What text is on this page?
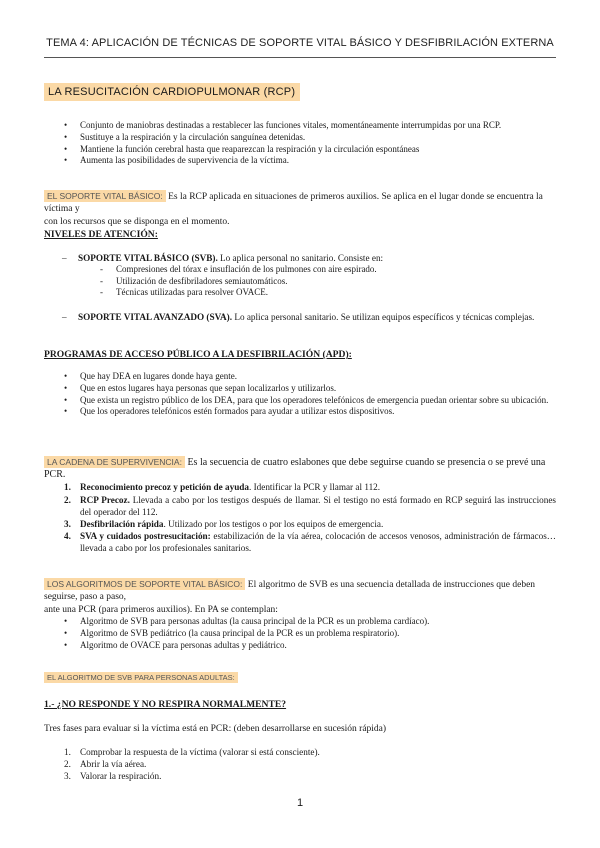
TEMA 4: APLICACIÓN DE TÉCNICAS DE SOPORTE VITAL BÁSICO Y DESFIBRILACIÓN EXTERNA
LA RESUCITACIÓN CARDIOPULMONAR (RCP)
• Conjunto de maniobras destinadas a restablecer las funciones vitales, momentáneamente interrumpidas por una RCP.
• Sustituye a la respiración y la circulación sanguínea detenidas.
• Mantiene la función cerebral hasta que reaparezcan la respiración y la circulación espontáneas
• Aumenta las posibilidades de supervivencia de la víctima.
EL SOPORTE VITAL BÁSICO: Es la RCP aplicada en situaciones de primeros auxilios. Se aplica en el lugar donde se encuentra la víctima y
con los recursos que se disponga en el momento.
NIVELES DE ATENCIÓN:
– SOPORTE VITAL BÁSICO (SVB). Lo aplica personal no sanitario. Consiste en:
- Compresiones del tórax e insuflación de los pulmones con aire espirado.
- Utilización de desfibriladores semiautomáticos.
- Técnicas utilizadas para resolver OVACE.
– SOPORTE VITAL AVANZADO (SVA). Lo aplica personal sanitario. Se utilizan equipos específicos y técnicas complejas.
PROGRAMAS DE ACCESO PÚBLICO A LA DESFIBRILACIÓN (APD):
• Que hay DEA en lugares donde haya gente.
• Que en estos lugares haya personas que sepan localizarlos y utilizarlos.
• Que exista un registro público de los DEA, para que los operadores telefónicos de emergencia puedan orientar sobre su ubicación.
• Que los operadores telefónicos estén formados para ayudar a utilizar estos dispositivos.
LA CADENA DE SUPERVIVENCIA: Es la secuencia de cuatro eslabones que debe seguirse cuando se presencia o se prevé una PCR.
1. Reconocimiento precoz y petición de ayuda. Identificar la PCR y llamar al 112.
2. RCP Precoz. Llevada a cabo por los testigos después de llamar. Si el testigo no está formado en RCP seguirá las instrucciones del operador del 112.
3. Desfibrilación rápida. Utilizado por los testigos o por los equipos de emergencia.
4. SVA y cuidados postresucitación: estabilización de la vía aérea, colocación de accesos venosos, administración de fármacos… llevada a cabo por los profesionales sanitarios.
LOS ALGORITMOS DE SOPORTE VITAL BÁSICO: El algoritmo de SVB es una secuencia detallada de instrucciones que deben seguirse, paso a paso,
ante una PCR (para primeros auxilios). En PA se contemplan:
• Algoritmo de SVB para personas adultas (la causa principal de la PCR es un problema cardíaco).
• Algoritmo de SVB pediátrico (la causa principal de la PCR es un problema respiratorio).
• Algoritmo de OVACE para personas adultas y pediátrico.
EL ALGORITMO DE SVB PARA PERSONAS ADULTAS:
1.- ¿NO RESPONDE Y NO RESPIRA NORMALMENTE?
Tres fases para evaluar si la víctima está en PCR: (deben desarrollarse en sucesión rápida)
1. Comprobar la respuesta de la víctima (valorar si está consciente).
2. Abrir la vía aérea.
3. Valorar la respiración.
1
